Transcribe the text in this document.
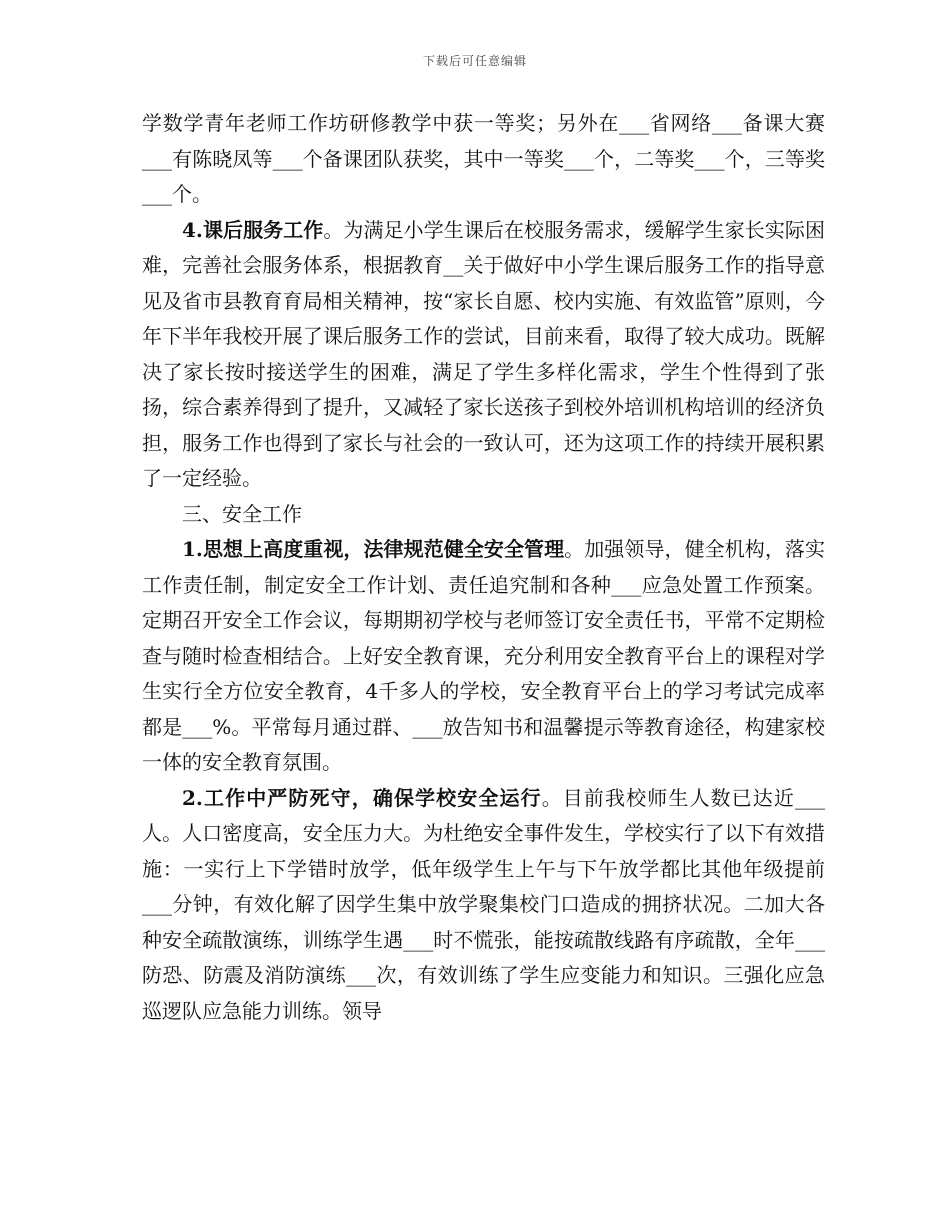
下载后可任意编辑

学数学青年老师工作坊研修教学中获一等奖；另外在___省网络___备课大赛___有陈晓凤等___个备课团队获奖，其中一等奖___个，二等奖___个，三等奖___个。

4.课后服务工作。为满足小学生课后在校服务需求，缓解学生家长实际困难，完善社会服务体系，根据教育__关于做好中小学生课后服务工作的指导意见及省市县教育育局相关精神，按“家长自愿、校内实施、有效监管”原则，今年下半年我校开展了课后服务工作的尝试，目前来看，取得了较大成功。既解决了家长按时接送学生的困难，满足了学生多样化需求，学生个性得到了张扬，综合素养得到了提升，又减轻了家长送孩子到校外培训机构培训的经济负担，服务工作也得到了家长与社会的一致认可，还为这项工作的持续开展积累了一定经验。

三、安全工作

1.思想上高度重视，法律规范健全安全管理。加强领导，健全机构，落实工作责任制，制定安全工作计划、责任追究制和各种___应急处置工作预案。定期召开安全工作会议，每期期初学校与老师签订安全责任书，平常不定期检查与随时检查相结合。上好安全教育课，充分利用安全教育平台上的课程对学生实行全方位安全教育，4千多人的学校，安全教育平台上的学习考试完成率都是___%。平常每月通过群、___放告知书和温馨提示等教育途径，构建家校一体的安全教育氛围。

2.工作中严防死守，确保学校安全运行。目前我校师生人数已达近___人。人口密度高，安全压力大。为杜绝安全事件发生，学校实行了以下有效措施：一实行上下学错时放学，低年级学生上午与下午放学都比其他年级提前___分钟，有效化解了因学生集中放学聚集校门口造成的拥挤状况。二加大各种安全疏散演练，训练学生遇___时不慌张，能按疏散线路有序疏散，全年___防恐、防震及消防演练___次，有效训练了学生应变能力和知识。三强化应急巡逻队应急能力训练。领导
